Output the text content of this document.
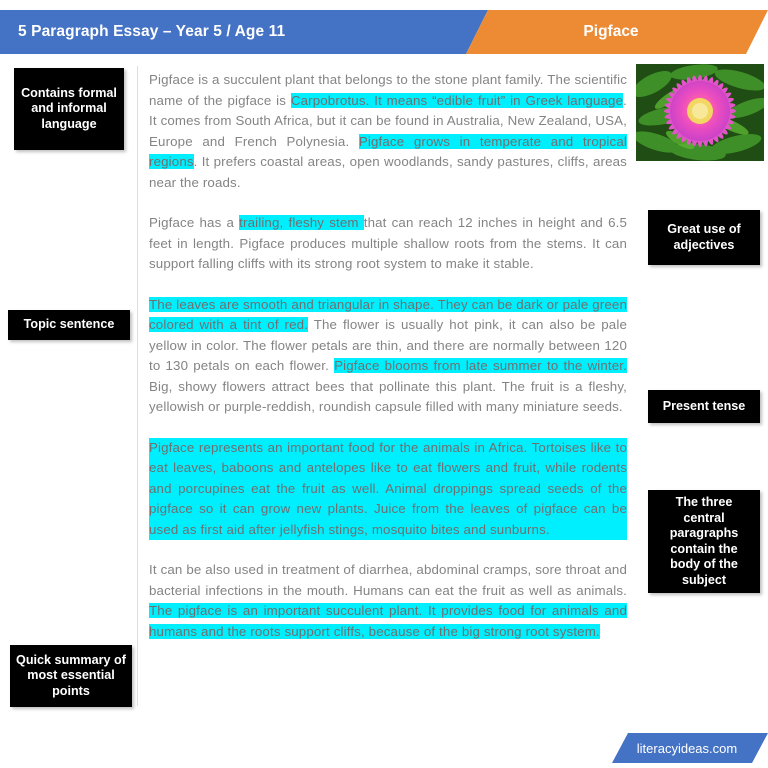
5 Paragraph Essay – Year 5 / Age 11	Pigface

Pigface is a succulent plant that belongs to the stone plant family. The scientific name of the pigface is Carpobrotus. It means “edible fruit” in Greek language. It comes from South Africa, but it can be found in Australia, New Zealand, USA, Europe and French Polynesia. Pigface grows in temperate and tropical regions. It prefers coastal areas, open woodlands, sandy pastures, cliffs, areas near the roads.

Pigface has a trailing, fleshy stem that can reach 12 inches in height and 6.5 feet in length. Pigface produces multiple shallow roots from the stems. It can support falling cliffs with its strong root system to make it stable.

The leaves are smooth and triangular in shape. They can be dark or pale green colored with a tint of red. The flower is usually hot pink, it can also be pale yellow in color. The flower petals are thin, and there are normally between 120 to 130 petals on each flower. Pigface blooms from late summer to the winter. Big, showy flowers attract bees that pollinate this plant. The fruit is a fleshy, yellowish or purple-reddish, roundish capsule filled with many miniature seeds.

Pigface represents an important food for the animals in Africa. Tortoises like to eat leaves, baboons and antelopes like to eat flowers and fruit, while rodents and porcupines eat the fruit as well. Animal droppings spread seeds of the pigface so it can grow new plants. Juice from the leaves of pigface can be used as first aid after jellyfish stings, mosquito bites and sunburns.

It can be also used in treatment of diarrhea, abdominal cramps, sore throat and bacterial infections in the mouth. Humans can eat the fruit as well as animals. The pigface is an important succulent plant. It provides food for animals and humans and the roots support cliffs, because of the big strong root system.

Contains formal and informal language
Topic sentence
Quick summary of most essential points
Great use of adjectives
Present tense
The three central paragraphs contain the body of the subject
literacyideas.com
